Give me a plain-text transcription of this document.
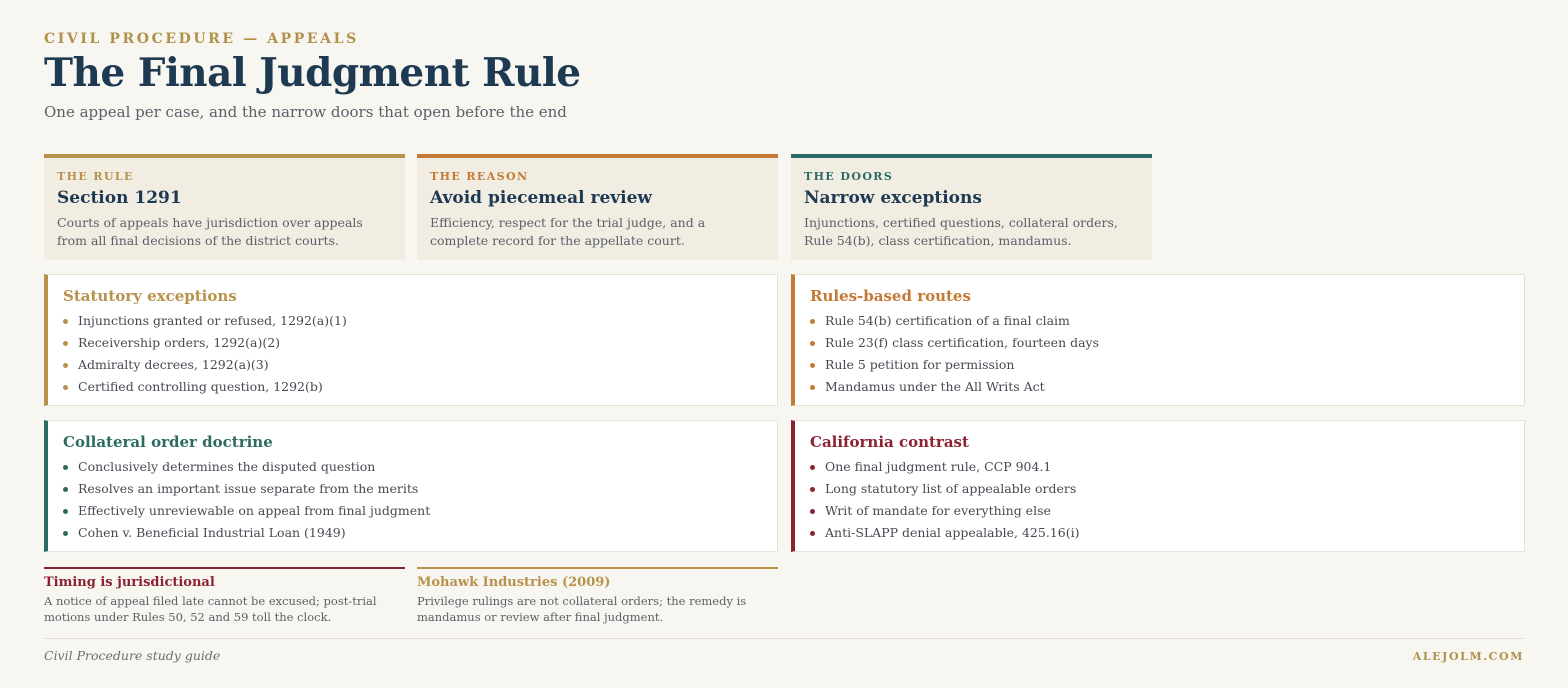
CIVIL PROCEDURE — APPEALS
The Final Judgment Rule
One appeal per case, and the narrow doors that open before the end
THE RULE
Section 1291
Courts of appeals have jurisdiction over appeals from all final decisions of the district courts.
THE REASON
Avoid piecemeal review
Efficiency, respect for the trial judge, and a complete record for the appellate court.
THE DOORS
Narrow exceptions
Injunctions, certified questions, collateral orders, Rule 54(b), class certification, mandamus.
Statutory exceptions
Injunctions granted or refused, 1292(a)(1)
Receivership orders, 1292(a)(2)
Admiralty decrees, 1292(a)(3)
Certified controlling question, 1292(b)
Rules-based routes
Rule 54(b) certification of a final claim
Rule 23(f) class certification, fourteen days
Rule 5 petition for permission
Mandamus under the All Writs Act
Collateral order doctrine
Conclusively determines the disputed question
Resolves an important issue separate from the merits
Effectively unreviewable on appeal from final judgment
Cohen v. Beneficial Industrial Loan (1949)
California contrast
One final judgment rule, CCP 904.1
Long statutory list of appealable orders
Writ of mandate for everything else
Anti-SLAPP denial appealable, 425.16(i)
Timing is jurisdictional
A notice of appeal filed late cannot be excused; post-trial motions under Rules 50, 52 and 59 toll the clock.
Mohawk Industries (2009)
Privilege rulings are not collateral orders; the remedy is mandamus or review after final judgment.
Civil Procedure study guide	ALEJOLM.COM
